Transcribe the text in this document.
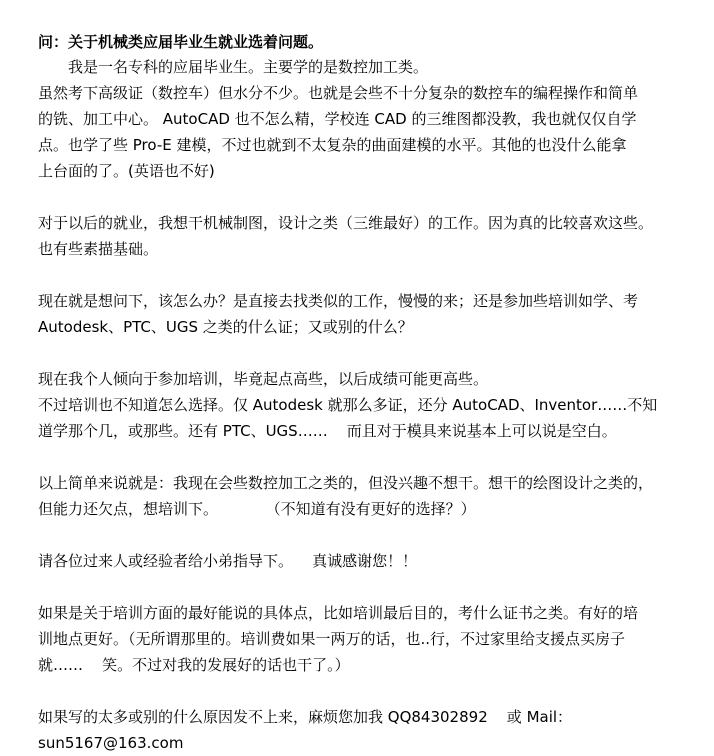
问：关于机械类应届毕业生就业选着问题。

我是一名专科的应届毕业生。主要学的是数控加工类。

虽然考下高级证（数控车）但水分不少。也就是会些不十分复杂的数控车的编程操作和简单

的铣、加工中心。 AutoCAD 也不怎么精，学校连 CAD 的三维图都没教，我也就仅仅自学

点。也学了些 Pro-E 建模，不过也就到不太复杂的曲面建模的水平。其他的也没什么能拿

上台面的了。(英语也不好)

对于以后的就业，我想干机械制图，设计之类（三维最好）的工作。因为真的比较喜欢这些。

也有些素描基础。

现在就是想问下，该怎么办？是直接去找类似的工作，慢慢的来；还是参加些培训如学、考

Autodesk、PTC、UGS 之类的什么证；又或别的什么？

现在我个人倾向于参加培训，毕竟起点高些，以后成绩可能更高些。

不过培训也不知道怎么选择。仅 Autodesk 就那么多证，还分 AutoCAD、Inventor……不知

道学那个几，或那些。还有 PTC、UGS……    而且对于模具来说基本上可以说是空白。

以上简单来说就是：我现在会些数控加工之类的，但没兴趣不想干。想干的绘图设计之类的，

但能力还欠点，想培训下。          （不知道有没有更好的选择？）

请各位过来人或经验者给小弟指导下。    真诚感谢您！！

如果是关于培训方面的最好能说的具体点，比如培训最后目的，考什么证书之类。有好的培

训地点更好。（无所谓那里的。培训费如果一两万的话，也..行，不过家里给支援点买房子

就……    笑。不过对我的发展好的话也干了。）

如果写的太多或别的什么原因发不上来，麻烦您加我 QQ84302892    或 Mail：

sun5167@163.com
